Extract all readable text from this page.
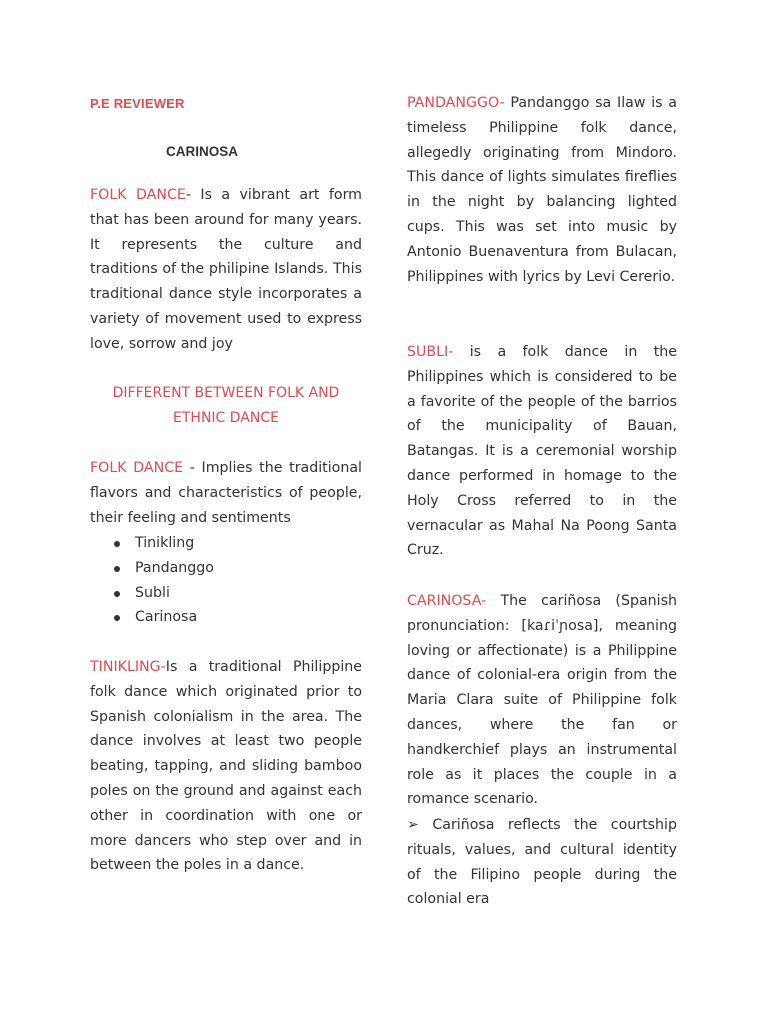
P.E REVIEWER
CARINOSA

FOLK DANCE- Is a vibrant art form that has been around for many years. It represents the culture and traditions of the philipine Islands. This traditional dance style incorporates a variety of movement used to express love, sorrow and joy

DIFFERENT BETWEEN FOLK AND
ETHNIC DANCE

FOLK DANCE - Implies the traditional flavors and characteristics of people, their feeling and sentiments

Tinikling
Pandanggo
Subli
Carinosa

TINIKLING-Is a traditional Philippine folk dance which originated prior to Spanish colonialism in the area. The dance involves at least two people beating, tapping, and sliding bamboo poles on the ground and against each other in coordination with one or more dancers who step over and in between the poles in a dance.

PANDANGGO- Pandanggo sa Ilaw is a timeless Philippine folk dance, allegedly originating from Mindoro. This dance of lights simulates fireflies in the night by balancing lighted cups. This was set into music by Antonio Buenaventura from Bulacan, Philippines with lyrics by Levi Cererio.

SUBLI- is a folk dance in the Philippines which is considered to be a favorite of the people of the barrios of the municipality of Bauan, Batangas. It is a ceremonial worship dance performed in homage to the Holy Cross referred to in the vernacular as Mahal Na Poong Santa Cruz.

CARINOSA- The cariñosa (Spanish pronunciation: [kaɾiˈɲosa], meaning loving or affectionate) is a Philippine dance of colonial-era origin from the Maria Clara suite of Philippine folk dances, where the fan or handkerchief plays an instrumental role as it places the couple in a romance scenario.

➢ Cariñosa reflects the courtship rituals, values, and cultural identity of the Filipino people during the colonial era
